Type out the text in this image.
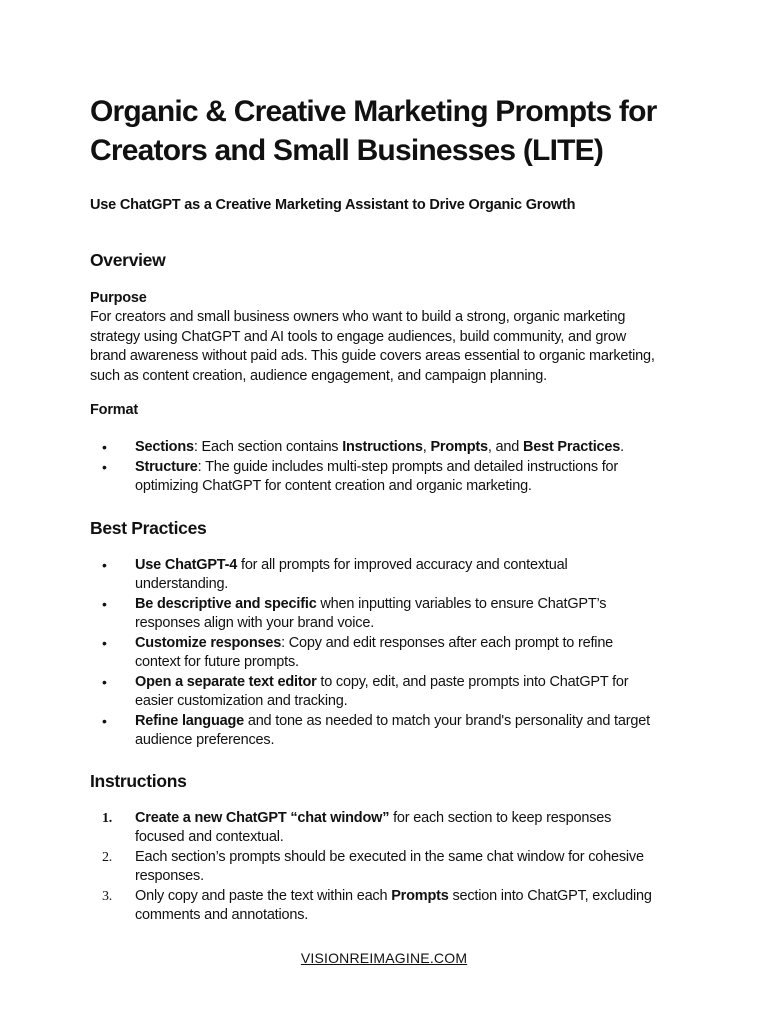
Organic & Creative Marketing Prompts for
Creators and Small Businesses (LITE)
Use ChatGPT as a Creative Marketing Assistant to Drive Organic Growth
Overview
Purpose

For creators and small business owners who want to build a strong, organic marketing
strategy using ChatGPT and AI tools to engage audiences, build community, and grow
brand awareness without paid ads. This guide covers areas essential to organic marketing,
such as content creation, audience engagement, and campaign planning.

Format
• Sections: Each section contains Instructions, Prompts, and Best Practices.
• Structure: The guide includes multi-step prompts and detailed instructions for
optimizing ChatGPT for content creation and organic marketing.
Best Practices
• Use ChatGPT-4 for all prompts for improved accuracy and contextual
understanding.
• Be descriptive and specific when inputting variables to ensure ChatGPT’s
responses align with your brand voice.
• Customize responses: Copy and edit responses after each prompt to refine
context for future prompts.
• Open a separate text editor to copy, edit, and paste prompts into ChatGPT for
easier customization and tracking.
• Refine language and tone as needed to match your brand's personality and target
audience preferences.
Instructions
1. Create a new ChatGPT “chat window” for each section to keep responses
focused and contextual.
2. Each section’s prompts should be executed in the same chat window for cohesive
responses.
3. Only copy and paste the text within each Prompts section into ChatGPT, excluding
comments and annotations.
VISIONREIMAGINE.COM
